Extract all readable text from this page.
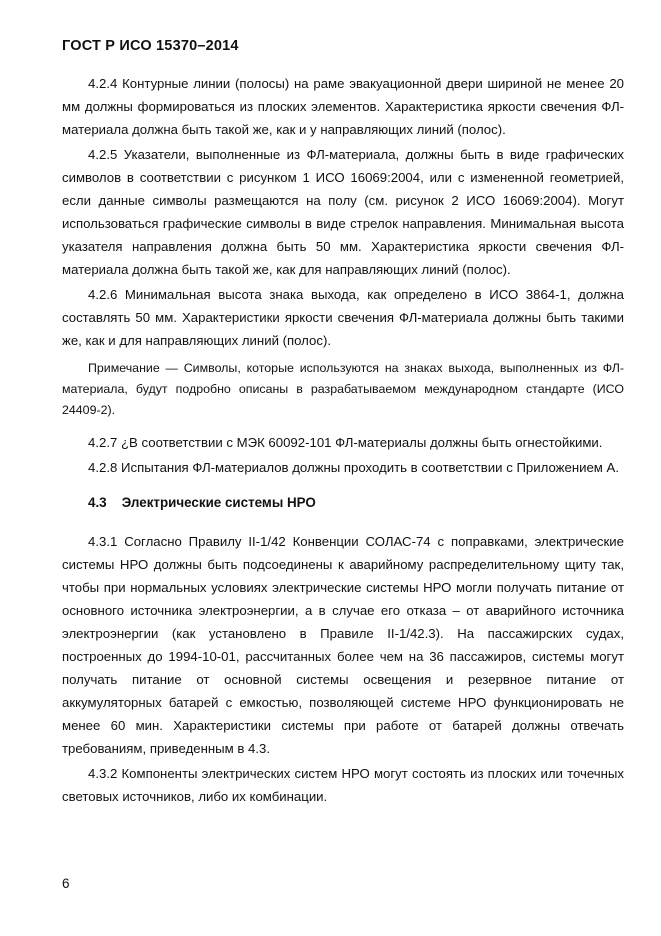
ГОСТ Р ИСО 15370–2014

4.2.4 Контурные линии (полосы) на раме эвакуационной двери шириной не менее 20 мм должны формироваться из плоских элементов. Характеристика яркости свечения ФЛ-материала должна быть такой же, как и у направляющих линий (полос).

4.2.5 Указатели, выполненные из ФЛ-материала, должны быть в виде графических символов в соответствии с рисунком 1 ИСО 16069:2004, или с измененной геометрией, если данные символы размещаются на полу (см. рисунок 2 ИСО 16069:2004). Могут использоваться графические символы в виде стрелок направления. Минимальная высота указателя направления должна быть 50 мм. Характеристика яркости свечения ФЛ-материала должна быть такой же, как для направляющих линий (полос).

4.2.6 Минимальная высота знака выхода, как определено в ИСО 3864-1, должна составлять 50 мм. Характеристики яркости свечения ФЛ-материала должны быть такими же, как и для направляющих линий (полос).

Примечание — Символы, которые используются на знаках выхода, выполненных из ФЛ-материала, будут подробно описаны в разрабатываемом международном стандарте (ИСО 24409-2).

4.2.7 ¿В соответствии с МЭК 60092-101 ФЛ-материалы должны быть огнестойкими.

4.2.8 Испытания ФЛ-материалов должны проходить в соответствии с Приложением А.

4.3 Электрические системы НРО

4.3.1 Согласно Правилу II-1/42 Конвенции СОЛАС-74 с поправками, электрические системы НРО должны быть подсоединены к аварийному распределительному щиту так, чтобы при нормальных условиях электрические системы НРО могли получать питание от основного источника электроэнергии, а в случае его отказа – от аварийного источника электроэнергии (как установлено в Правиле II-1/42.3). На пассажирских судах, построенных до 1994-10-01, рассчитанных более чем на 36 пассажиров, системы могут получать питание от основной системы освещения и резервное питание от аккумуляторных батарей с емкостью, позволяющей системе НРО функционировать не менее 60 мин. Характеристики системы при работе от батарей должны отвечать требованиям, приведенным в 4.3.

4.3.2 Компоненты электрических систем НРО могут состоять из плоских или точечных световых источников, либо их комбинации.

6
